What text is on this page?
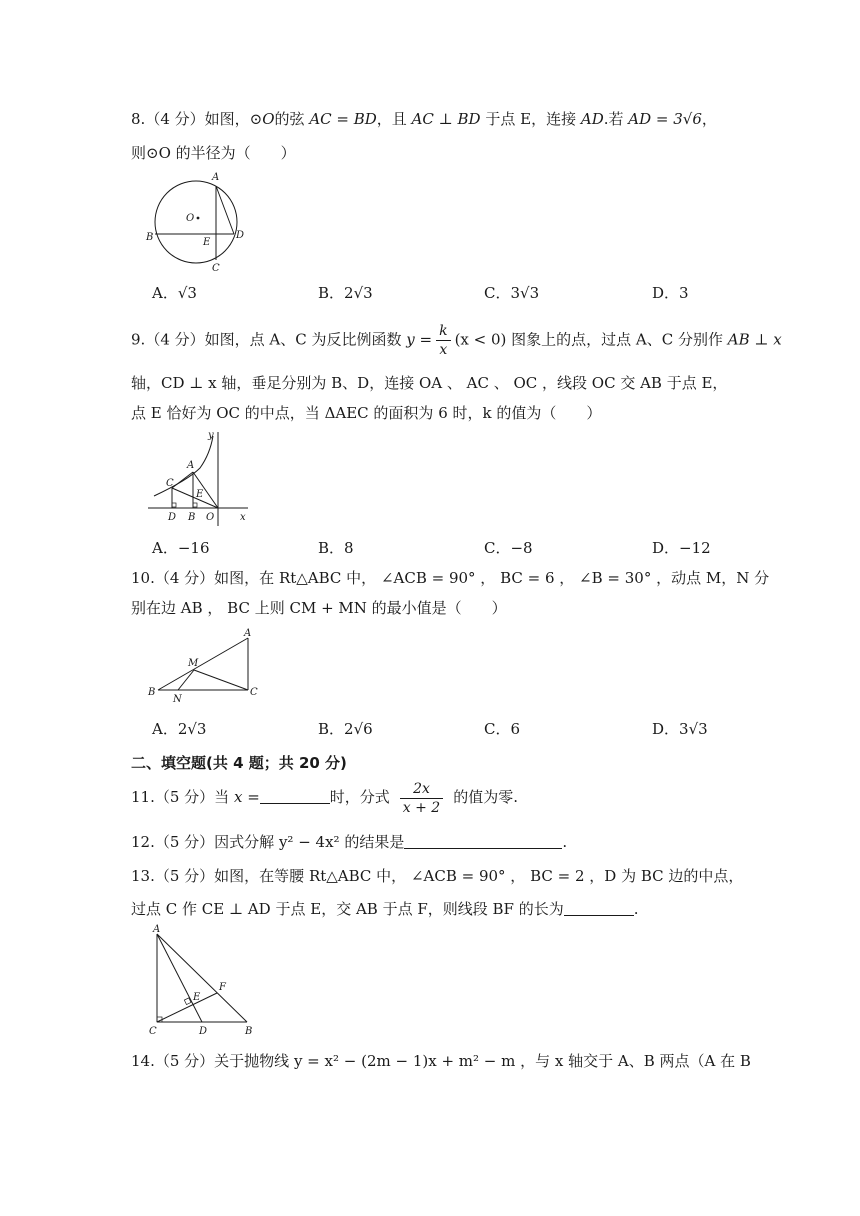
8.（4 分）如图，⊙O的弦 AC = BD，且 AC ⊥ BD 于点 E，连接 AD.若 AD = 3√6，
则⊙O 的半径为（　　）
A
O
B	E
D
C
A．√3	B．2√3	C．3√3	D．3
9.（4 分）如图，点 A、C 为反比例函数 $y = \frac{k}{x} (x < 0)$ 图象上的点，过点 A、C 分别作 AB ⊥ x
轴，CD ⊥ x 轴，垂足分别为 B、D，连接 OA 、 AC 、 OC ，线段 OC 交 AB 于点 E，
点 E 恰好为 OC 的中点，当 ΔAEC 的面积为 6 时，k 的值为（　　）
y
A
C
E
D B O	x
A．−16	B．8	C．−8	D．−12
10.（4 分）如图，在 Rt△ABC 中， ∠ACB = 90° ， BC = 6 ， ∠B = 30° ，动点 M，N 分
别在边 AB ， BC 上则 CM + MN 的最小值是（　　）
A
M
B
N
C
A．2√3	B．2√6	C．6	D．3√3
二、填空题(共 4 题；共 20 分)
11.（5 分）当 x =	时，分式 $\frac{2x}{x + 2}$ 的值为零.
12.（5 分）因式分解 y² − 4x² 的结果是	.
13.（5 分）如图，在等腰 Rt△ABC 中， ∠ACB = 90° ， BC = 2 ，D 为 BC 边的中点，
过点 C 作 CE ⊥ AD 于点 E，交 AB 于点 F，则线段 BF 的长为	.
A
F
E
C	D	B
14.（5 分）关于抛物线 y = x² − (2m − 1)x + m² − m ，与 x 轴交于 A、B 两点（A 在 B
